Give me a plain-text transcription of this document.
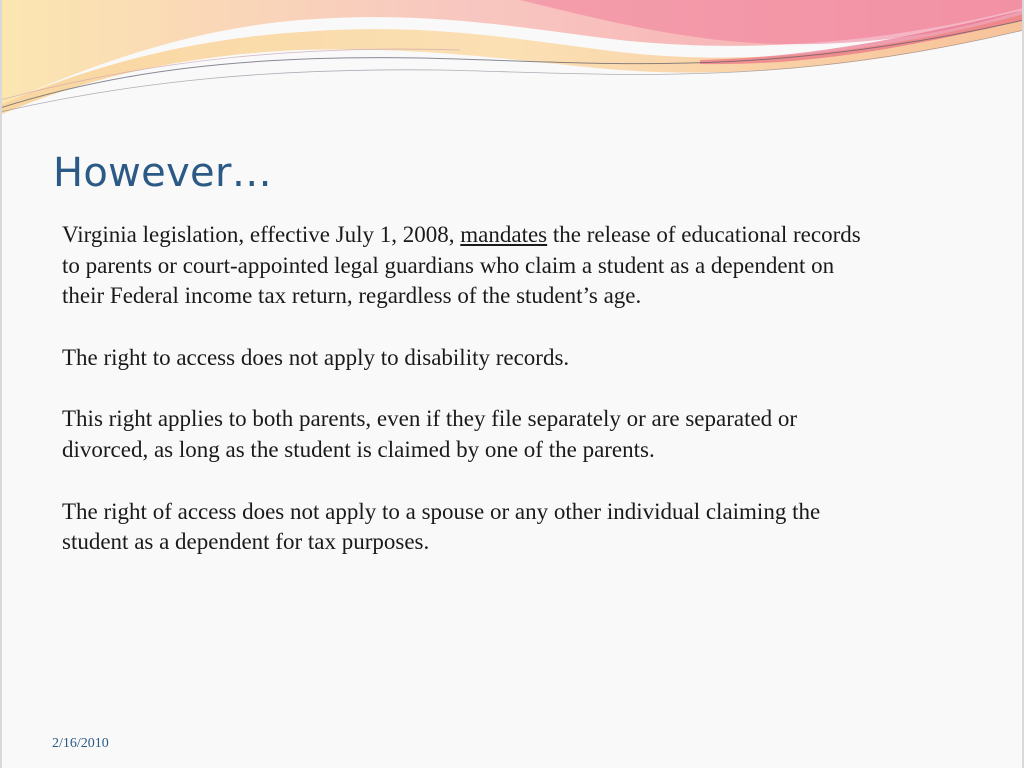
However…

Virginia legislation, effective July 1, 2008, mandates the release of educational records to parents or court-appointed legal guardians who claim a student as a dependent on their Federal income tax return, regardless of the student’s age.

The right to access does not apply to disability records.

This right applies to both parents, even if they file separately or are separated or divorced, as long as the student is claimed by one of the parents.

The right of access does not apply to a spouse or any other individual claiming the student as a dependent for tax purposes.

2/16/2010
